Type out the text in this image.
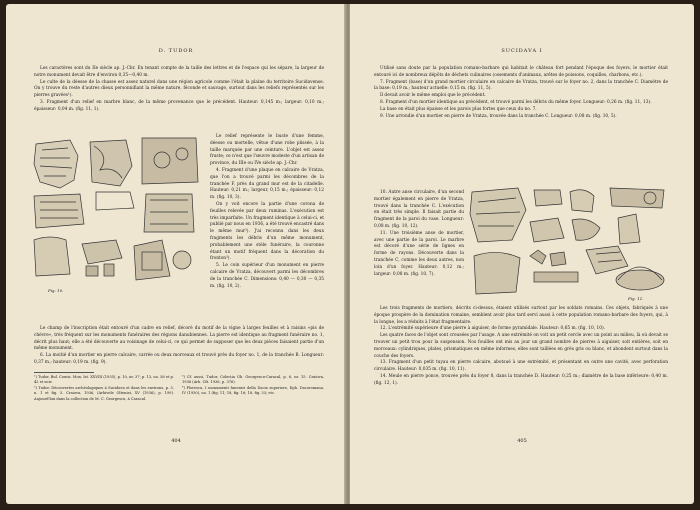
D. TUDOR

Les caractères sont du IIe siècle ap. J.-Chr. En tenant compte de la taille des lettres et de l'espace qui les sépare, la largeur de notre monument devait être d'environ 0,35—0,40 m.

Le culte de la déesse de la chasse est assez naturel dans une région agricole comme l'était la plaine du territoire Sucidavense. On y trouve du reste d'autres dieux personnifiant la même nature, féconde et sauvage, surtout dans les reliefs représentés sur les pierres gravées¹).

3. Fragment d'un relief en marbre blanc, de la même provenance que le précédent. Hauteur: 0,145 m.; largeur: 0,10 m.; épaisseur: 0,04 m. (fig. 11, 1).

Fig. 10.

Le relief représente le buste d'une femme, déesse ou mortelle, vêtue d'une robe plissée, à la taille marquée par une ceinture. L'objet est assez fruste; ce n'est que l'œuvre modeste d'un artisan de province, du IIIe ou IVe siècle ap. J.-Chr.

4. Fragment d'une plaque en calcaire de Vratza, que l'on a trouvé parmi les décombres de la tranchée F, près du grand mur est de la citadelle. Hauteur: 0,21 m.; largeur, 0,15 m.; épaisseur: 0,12 m. (fig. 10, 3).

On y voit encore la partie d'une corona de feuilles relevée par deux ruminas. L'exécution est très imparfaite. Un fragment identique à celui-ci, et publié par nous en 1936, a été trouvé encastré dans le même mur²). J'ai reconnu dans les deux fragments les débris d'un même monument, probablement une stèle funéraire, la couronne étant un motif fréquent dans la décoration du fronton³).

5. Le coin supérieur d'un monument en pierre calcaire de Vratza, découvert parmi les décombres de la tranchée C. Dimensions: 0,40 — 0,30 — 0,35 m. (fig. 10, 2).

Le champ de l'inscription était entouré d'un cadre en relief, décoré du motif de la vigne à larges feuilles et à raisins «pis de chèvre», très fréquent sur les monuments funéraires des régions danubiennes. La pierre est identique au fragment funéraire no. 1, décrit plus haut; elle a été découverte au voisinage de celui-ci, ce qui permet de supposer que les deux pièces faisaient partie d'un même monument.

6. La moitié d'un mortier en pierre calcaire, carrée ou deux morceaux et trouvé près du foyer no. 1, de la tranchée B. Longueur: 0,37 m.; hauteur: 0,19 m. (fig. 9).

¹) Tudor, Bul. Comis. Mon. Ist. XXVIII (1935), p. 10, nr. 37; p. 13, no. 58 et p. 42 et suiv.

²) Tudor, Découvertes archéologiques à Sucidava et dans les environs, p. 5, n. 1 et fig. 5. Craiova, 1936, (Arhivele Olteniei, XV (1936), p. 199). Aujourd'hui dans la collection de M. C. Georgescu, à Caracal.

³) Cf. aussi, Tudor, Colecția Gh. Georgescu-Caracal, p. 6, nr. 15. Craiova, 1936 (Arh. Olt. 1936, p. 376).

⁴) Florescu, I monumenti funerari della Dacia superiore, Eph. Dacoromana, IV (1930), no. 1 (fig. 11; 18, fig. 16; 18, fig. 33; etc.

404
SUCIDAVA I

Utilisé sans doute par la population romano-barbare qui habitait le château fort pendant l'époque des foyers, le mortier était entouré ici de nombreux dépôts de déchets culinaires (ossements d'animaux, arêtes de poissons, coquilles, charbons, etc.).

7. Fragment (base) d'un grand mortier circulaire en calcaire de Vratza, trouvé sur le foyer no. 2, dans la tranchée C. Diamètre de la base: 0,19 m.; hauteur actuelle: 0,15 m. (fig. 11, 5).

Il devait avoir le même emploi que le précédent.

8. Fragment d'un mortier identique au précédent, et trouvé parmi les débris du même foyer. Longueur: 0,26 m. (fig. 11, 13).

La base en était plus épaisse et les parois plus fortes que ceux du no. 7.

9. Une arrondie d'un mortier en pierre de Vratza, trouvée dans la tranchée C. Longueur: 0,08 m. (fig. 10, 5).

10. Autre anse circulaire, d'un second mortier également en pierre de Vratza, trouvé dans la tranchée C. L'exécution en était très simple. Il faisait partie du fragment de la paroi du vase. Longueur: 0,08 m. (fig. 10, 12).

11. Une troisième anse de mortier, avec une partie de la paroi. Le marbre est décoré d'une série de lignes en forme de rayons. Découverte dans la tranchée C, comme les deux autres, non loin d'un foyer. Hauteur: 0,12 m.; largeur: 0,08 m. (fig. 10, 7).

Fig. 11.

Les trois fragments de mortiers, décrits ci-dessus, étaient utilisés surtout par les soldats romains. Ces objets, fabriqués à une époque prospère de la domination romaine, semblent avoir plus tard servi aussi à cette population romano-barbare des foyers, qui, à la longue, les a réduits à l'état fragmentaire.

12. L'extrémité supérieure d'une pierre à aiguiser, de forme pyramidale. Hauteur: 0,65 m. (fig. 10, 10).

Les quatre faces de l'objet sont creusées par l'usage. A une extrémité on voit un petit cercle avec un point au milieu, là où devait se trouver un petit trou pour la suspension. Nos fouilles ont mis au jour un grand nombre de pierres à aiguiser, soit entières, soit en morceaux: cylindriques, plates, prismatiques en même informes, elles sont taillées en grès gris ou blanc, et abondent surtout dans la couche des foyers.

13. Fragment d'un petit tuyau en pierre calcaire, abotsué à une extrémité, et présentant en outre une cavité, avec perforation circulaire. Hauteur: 0,035 m. (fig. 10, 11).

14. Meule en pierre ponce, trouvée près du foyer 8, dans la tranchée D. Hauteur: 0,25 m.; diamètre de la base inférieure: 0,40 m. (fig. 12, 1).

405
